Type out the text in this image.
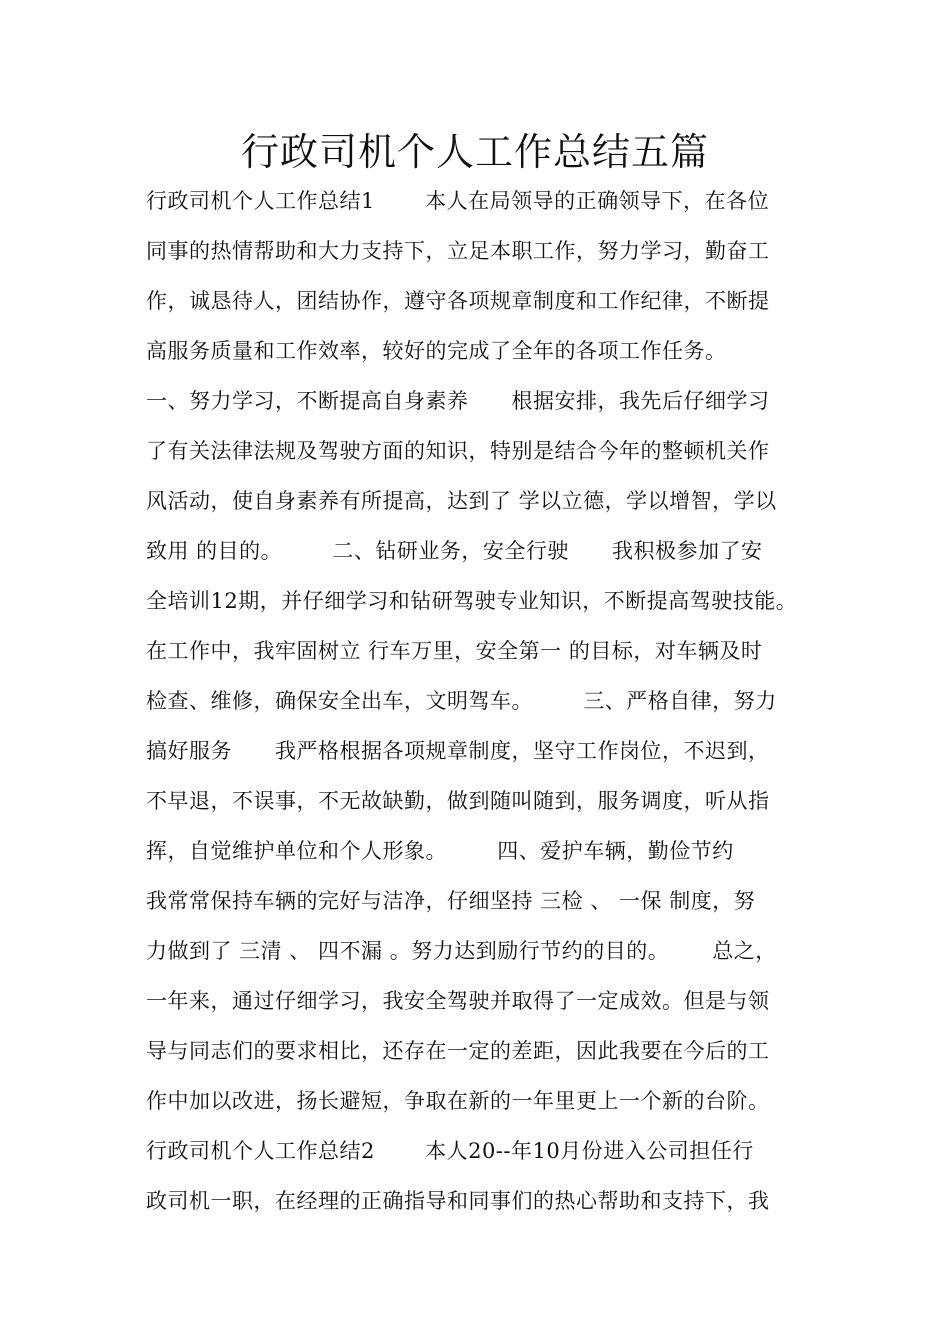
行政司机个人工作总结五篇
行政司机个人工作总结1       本人在局领导的正确领导下，在各位
同事的热情帮助和大力支持下，立足本职工作，努力学习，勤奋工
作，诚恳待人，团结协作，遵守各项规章制度和工作纪律，不断提
高服务质量和工作效率，较好的完成了全年的各项工作任务。
一、努力学习，不断提高自身素养      根据安排，我先后仔细学习
了有关法律法规及驾驶方面的知识，特别是结合今年的整顿机关作
风活动，使自身素养有所提高，达到了 学以立德，学以增智，学以
致用 的目的。       二、钻研业务，安全行驶      我积极参加了安
全培训12期，并仔细学习和钻研驾驶专业知识，不断提高驾驶技能。
在工作中，我牢固树立 行车万里，安全第一 的目标，对车辆及时
检查、维修，确保安全出车，文明驾车。       三、严格自律，努力
搞好服务      我严格根据各项规章制度，坚守工作岗位，不迟到，
不早退，不误事，不无故缺勤，做到随叫随到，服务调度，听从指
挥，自觉维护单位和个人形象。       四、爱护车辆，勤俭节约
我常常保持车辆的完好与洁净，仔细坚持 三检 、 一保 制度，努
力做到了 三清 、 四不漏 。努力达到励行节约的目的。      总之，
一年来，通过仔细学习，我安全驾驶并取得了一定成效。但是与领
导与同志们的要求相比，还存在一定的差距，因此我要在今后的工
作中加以改进，扬长避短，争取在新的一年里更上一个新的台阶。
行政司机个人工作总结2       本人20--年10月份进入公司担任行
政司机一职，在经理的正确指导和同事们的热心帮助和支持下，我
